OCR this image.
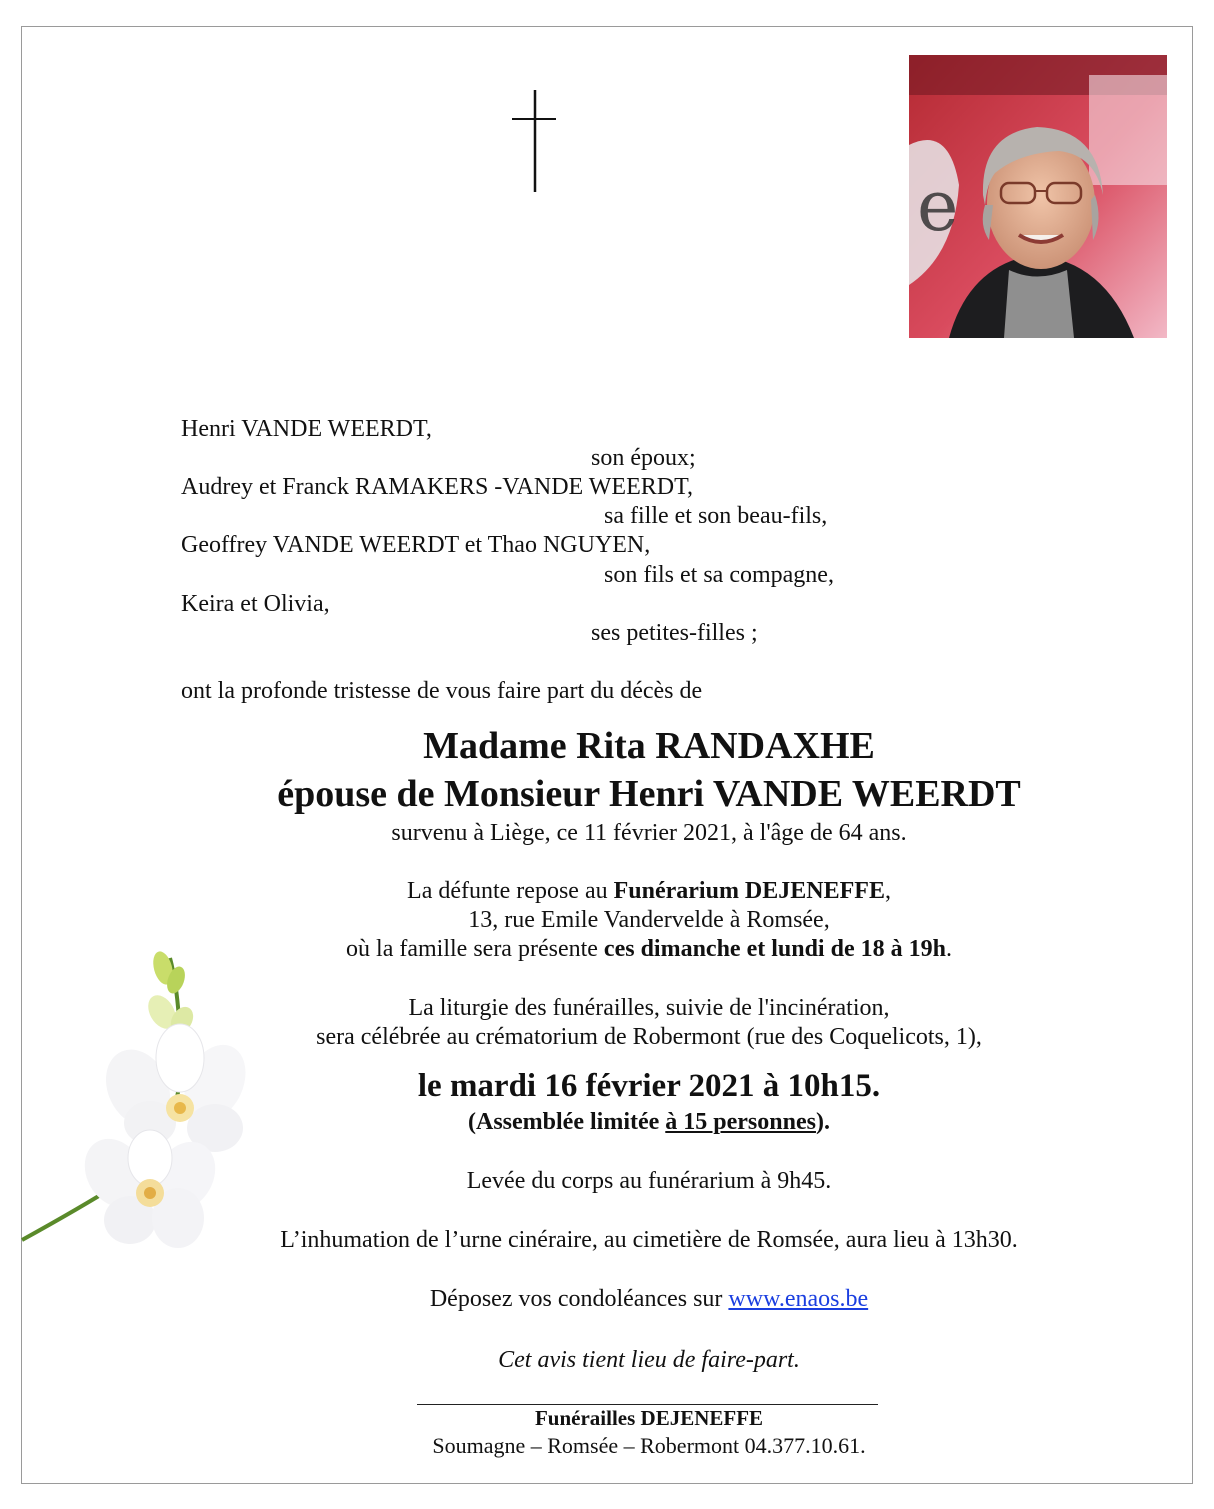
e
Henri VANDE WEERDT,
son époux;
Audrey et Franck RAMAKERS -VANDE WEERDT,
sa fille et son beau-fils,
Geoffrey VANDE WEERDT et Thao NGUYEN,
son fils et sa compagne,
Keira et Olivia,
ses petites-filles ;
ont la profonde tristesse de vous faire part du décès de
Madame Rita RANDAXHE
épouse de Monsieur Henri VANDE WEERDT
survenu à Liège, ce 11 février 2021, à l'âge de 64 ans.
La défunte repose au Funérarium DEJENEFFE,
13, rue Emile Vandervelde à Romsée,
où la famille sera présente ces dimanche et lundi de 18 à 19h.
La liturgie des funérailles, suivie de l'incinération,
sera célébrée au crématorium de Robermont (rue des Coquelicots, 1),
le mardi 16 février 2021 à 10h15.
(Assemblée limitée à 15 personnes).
Levée du corps au funérarium à 9h45.
L’inhumation de l’urne cinéraire, au cimetière de Romsée, aura lieu à 13h30.
Déposez vos condoléances sur www.enaos.be
Cet avis tient lieu de faire-part.
Funérailles DEJENEFFE
Soumagne – Romsée – Robermont 04.377.10.61.
